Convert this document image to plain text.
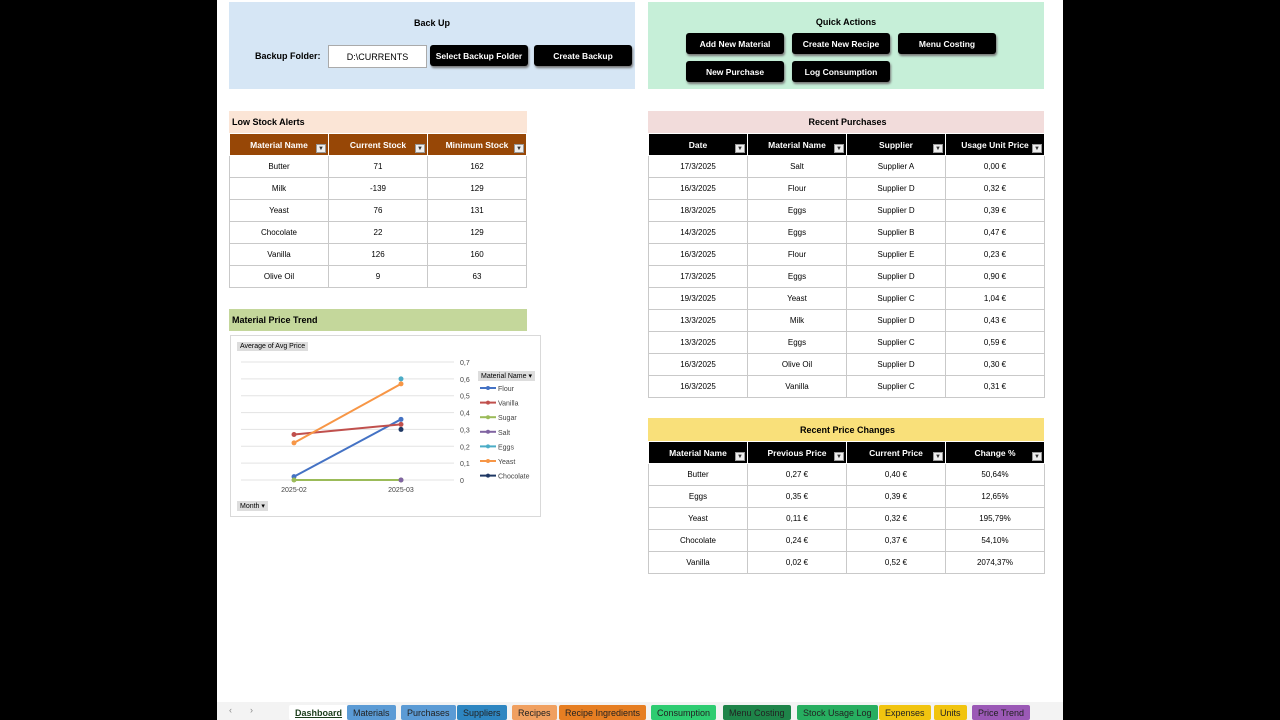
Back Up
Backup Folder:	D:\CURRENTS	Select Backup Folder	Create Backup
Quick Actions
Add New Material	Create New Recipe	Menu Costing
New Purchase	Log Consumption
Low Stock Alerts
Material Name ▼	Current Stock ▼	Minimum Stock ▼

Butter	71	162
Milk	-139	129
Yeast	76	131
Chocolate	22	129
Vanilla	126	160
Olive Oil	9	63
Recent Purchases
Date ▼	Material Name ▼	Supplier ▼	Usage Unit Price ▼

17/3/2025	Salt	Supplier A	0,00 €
16/3/2025	Flour	Supplier D	0,32 €
18/3/2025	Eggs	Supplier D	0,39 €
14/3/2025	Eggs	Supplier B	0,47 €
16/3/2025	Flour	Supplier E	0,23 €
17/3/2025	Eggs	Supplier D	0,90 €
19/3/2025	Yeast	Supplier C	1,04 €
13/3/2025	Milk	Supplier D	0,43 €
13/3/2025	Eggs	Supplier C	0,59 €
16/3/2025	Olive Oil	Supplier D	0,30 €
16/3/2025	Vanilla	Supplier C	0,31 €
Recent Price Changes
Material Name ▼	Previous Price ▼	Current Price ▼	Change % ▼

Butter	0,27 €	0,40 €	50,64%
Eggs	0,35 €	0,39 €	12,65%
Yeast	0,11 €	0,32 €	195,79%
Chocolate	0,24 €	0,37 €	54,10%
Vanilla	0,02 €	0,52 €	2074,37%
Material Price Trend
0
0,1
0,2
0,3
0,4
0,5
0,6
0,7
2025-02	2025-03
Flour
Vanilla
Sugar
Salt
Eggs
Yeast
Chocolate
Average of Avg Price
Material Name ▾
Month ▾
‹ ›	Dashboard	Materials	Purchases	Suppliers	Recipes	Recipe Ingredients	Consumption	Menu Costing	Stock Usage Log	Expenses	Units	Price Trend
